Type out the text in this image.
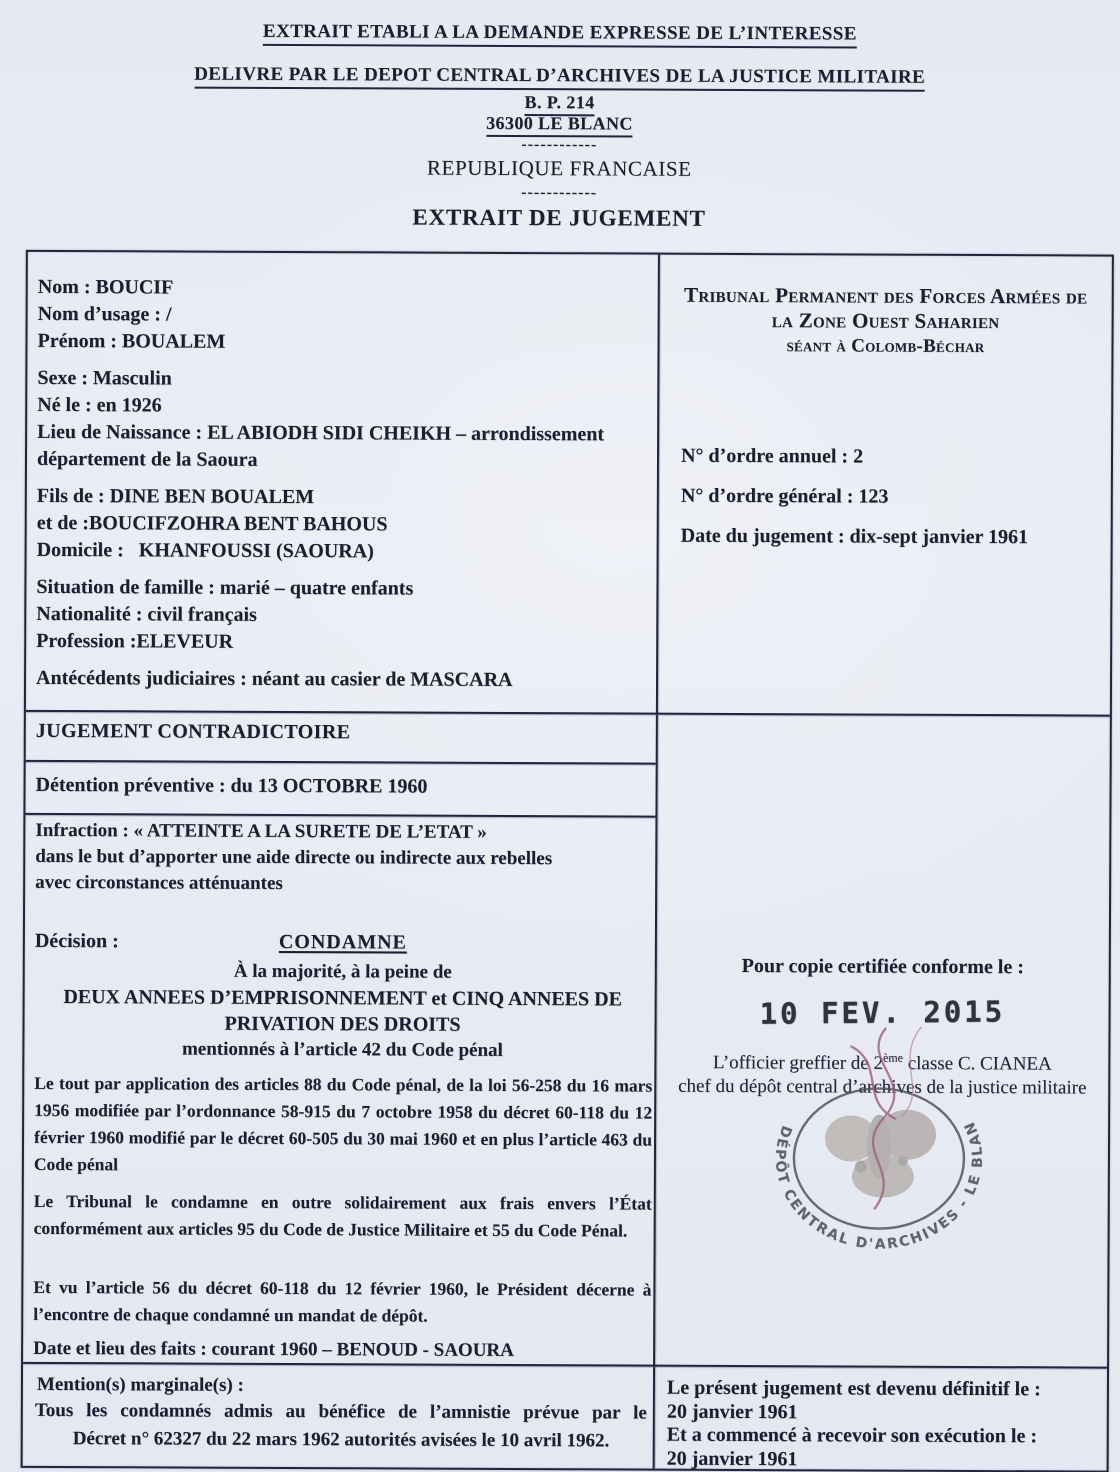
EXTRAIT ETABLI A LA DEMANDE EXPRESSE DE L’INTERESSE
DELIVRE PAR LE DEPOT CENTRAL D’ARCHIVES DE LA JUSTICE MILITAIRE
B. P. 214
36300 LE BLANC
------------
REPUBLIQUE FRANCAISE
------------
EXTRAIT DE JUGEMENT
Nom : BOUCIF
Nom d’usage : /
Prénom : BOUALEM
Sexe : Masculin
Né le : en 1926
Lieu de Naissance : EL ABIODH SIDI CHEIKH – arrondissement département de la Saoura
Fils de : DINE BEN BOUALEM
et de :BOUCIFZOHRA BENT BAHOUS
Domicile :   KHANFOUSSI (SAOURA)
Situation de famille : marié – quatre enfants
Nationalité : civil français
Profession :ELEVEUR
Antécédents judiciaires : néant au casier de MASCARA
Tribunal Permanent des Forces Armées de
la Zone Ouest Saharien
séant à Colomb-Béchar
N° d’ordre annuel : 2
N° d’ordre général : 123
Date du jugement : dix-sept janvier 1961
JUGEMENT CONTRADICTOIRE
Détention préventive : du 13 OCTOBRE 1960
Infraction : « ATTEINTE A LA SURETE DE L’ETAT »
dans le but d’apporter une aide directe ou indirecte aux rebelles
avec circonstances atténuantes
Décision :	CONDAMNE
À la majorité, à la peine de
DEUX ANNEES D’EMPRISONNEMENT et CINQ ANNEES DE
PRIVATION DES DROITS
mentionnés à l’article 42 du Code pénal
Le tout par application des articles 88 du Code pénal, de la loi 56-258 du 16 mars 1956 modifiée par l’ordonnance 58-915 du 7 octobre 1958 du décret 60-118 du 12 février 1960 modifié par le décret 60-505 du 30 mai 1960 et en plus l’article 463 du Code pénal
Le Tribunal le condamne en outre solidairement aux frais envers l’État conformément aux articles 95 du Code de Justice Militaire et 55 du Code Pénal.
Et vu l’article 56 du décret 60-118 du 12 février 1960, le Président décerne à l’encontre de chaque condamné un mandat de dépôt.
Date et lieu des faits : courant 1960 – BENOUD - SAOURA
Pour copie certifiée conforme le :
10 FEV. 2015
L’officier greffier de 2ème classe C. CIANEA
chef du dépôt central d’archives de la justice militaire
DÉPÔT CENTRAL D'ARCHIVES - LE BLANC
Mention(s) marginale(s) :
Tous les condamnés admis au bénéfice de l’amnistie prévue par le
Décret n° 62327 du 22 mars 1962 autorités avisées le 10 avril 1962.
Le présent jugement est devenu définitif le :
20 janvier 1961
Et a commencé à recevoir son exécution le :
20 janvier 1961
